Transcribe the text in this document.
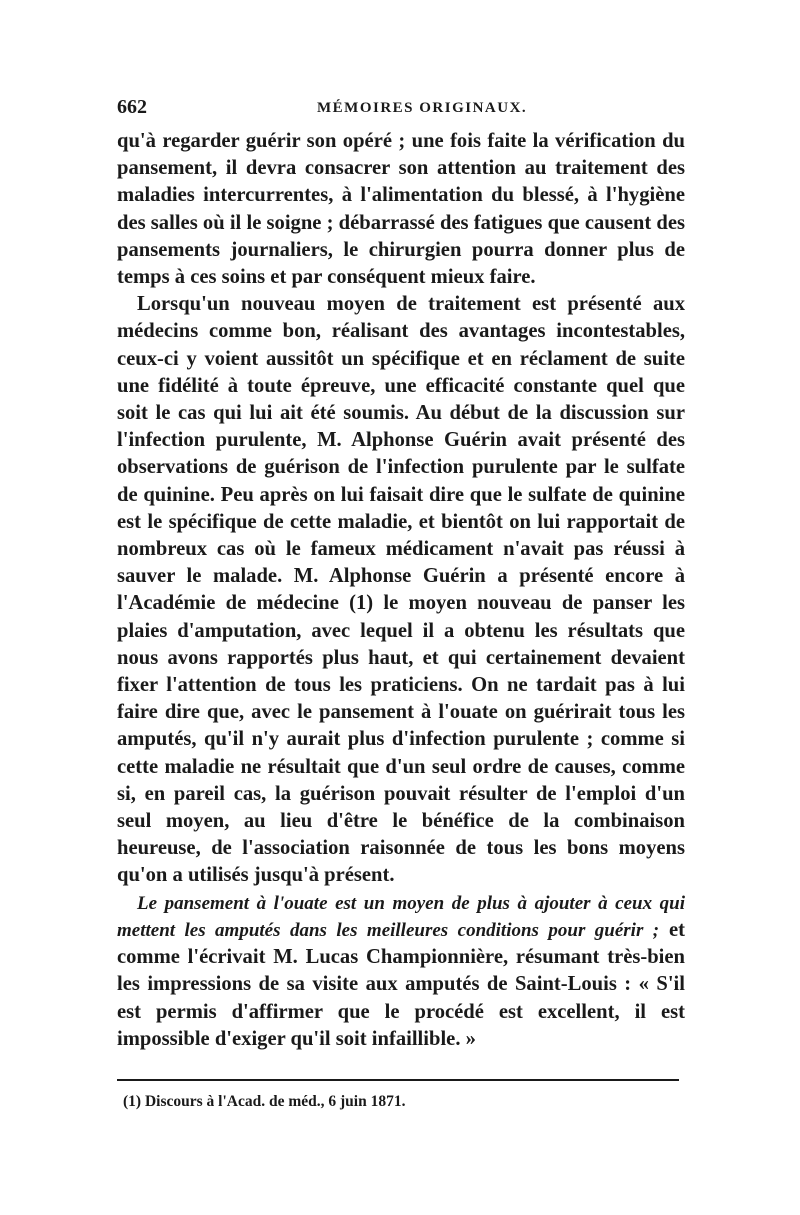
662	MÉMOIRES ORIGINAUX.

qu'à regarder guérir son opéré ; une fois faite la vérification du pansement, il devra consacrer son attention au traitement des maladies intercurrentes, à l'alimentation du blessé, à l'hygiène des salles où il le soigne ; débarrassé des fatigues que causent des pansements journaliers, le chirurgien pourra donner plus de temps à ces soins et par conséquent mieux faire.

Lorsqu'un nouveau moyen de traitement est présenté aux médecins comme bon, réalisant des avantages incontestables, ceux-ci y voient aussitôt un spécifique et en réclament de suite une fidélité à toute épreuve, une efficacité constante quel que soit le cas qui lui ait été soumis. Au début de la discussion sur l'infection purulente, M. Alphonse Guérin avait présenté des observations de guérison de l'infection purulente par le sulfate de quinine. Peu après on lui faisait dire que le sulfate de quinine est le spécifique de cette maladie, et bientôt on lui rapportait de nombreux cas où le fameux médicament n'avait pas réussi à sauver le malade. M. Alphonse Guérin a présenté encore à l'Académie de médecine (1) le moyen nouveau de panser les plaies d'amputation, avec lequel il a obtenu les résultats que nous avons rapportés plus haut, et qui certainement devaient fixer l'attention de tous les praticiens. On ne tardait pas à lui faire dire que, avec le pansement à l'ouate on guérirait tous les amputés, qu'il n'y aurait plus d'infection purulente ; comme si cette maladie ne résultait que d'un seul ordre de causes, comme si, en pareil cas, la guérison pouvait résulter de l'emploi d'un seul moyen, au lieu d'être le bénéfice de la combinaison heureuse, de l'association raisonnée de tous les bons moyens qu'on a utilisés jusqu'à présent.

Le pansement à l'ouate est un moyen de plus à ajouter à ceux qui mettent les amputés dans les meilleures conditions pour guérir ; et comme l'écrivait M. Lucas Championnière, résumant très-bien les impressions de sa visite aux amputés de Saint-Louis : « S'il est permis d'affirmer que le procédé est excellent, il est impossible d'exiger qu'il soit infaillible. »

(1) Discours à l'Acad. de méd., 6 juin 1871.
